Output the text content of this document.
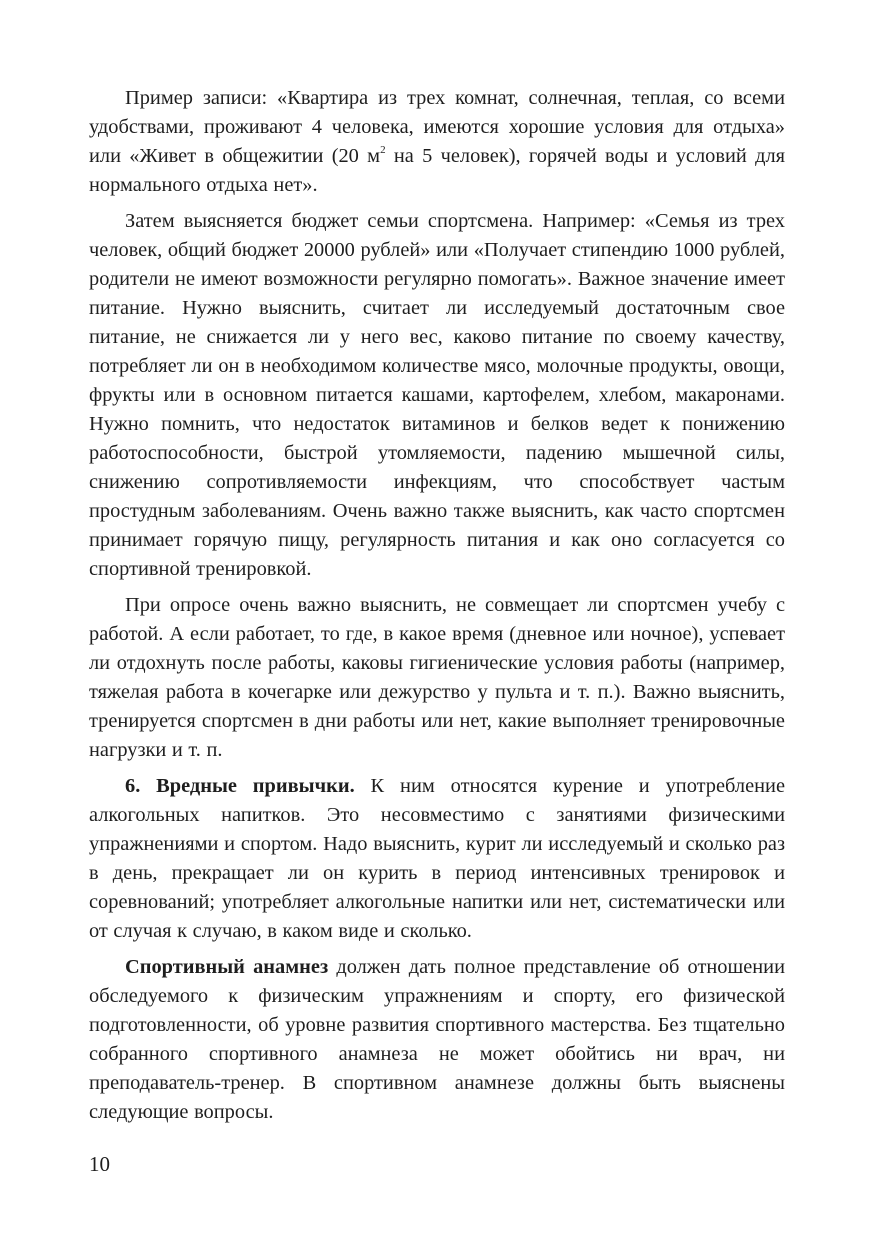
Пример записи: «Квартира из трех комнат, солнечная, теплая, со всеми удобствами, проживают 4 человека, имеются хорошие условия для отдыха» или «Живет в общежитии (20 $м^2$ на 5 человек), горячей воды и условий для нормального отдыха нет».

Затем выясняется бюджет семьи спортсмена. Например: «Семья из трех человек, общий бюджет 20000 рублей» или «Получает стипендию 1000 рублей, родители не имеют возможности регулярно помогать». Важное значение имеет питание. Нужно выяснить, считает ли исследуемый достаточным свое питание, не снижается ли у него вес, каково питание по своему качеству, потребляет ли он в необходимом количестве мясо, молочные продукты, овощи, фрукты или в основном питается кашами, картофелем, хлебом, макаронами. Нужно помнить, что недостаток витаминов и белков ведет к понижению работоспособности, быстрой утомляемости, падению мышечной силы, снижению сопротивляемости инфекциям, что способствует частым простудным заболеваниям. Очень важно также выяснить, как часто спортсмен принимает горячую пищу, регулярность питания и как оно согласуется со спортивной тренировкой.

При опросе очень важно выяснить, не совмещает ли спортсмен учебу с работой. А если работает, то где, в какое время (дневное или ночное), успевает ли отдохнуть после работы, каковы гигиенические условия работы (например, тяжелая работа в кочегарке или дежурство у пульта и т. п.). Важно выяснить, тренируется спортсмен в дни работы или нет, какие выполняет тренировочные нагрузки и т. п.

6. Вредные привычки. К ним относятся курение и употребление алкогольных напитков. Это несовместимо с занятиями физическими упражнениями и спортом. Надо выяснить, курит ли исследуемый и сколько раз в день, прекращает ли он курить в период интенсивных тренировок и соревнований; употребляет алкогольные напитки или нет, систематически или от случая к случаю, в каком виде и сколько.

Спортивный анамнез должен дать полное представление об отношении обследуемого к физическим упражнениям и спорту, его физической подготовленности, об уровне развития спортивного мастерства. Без тщательно собранного спортивного анамнеза не может обойтись ни врач, ни преподаватель-тренер. В спортивном анамнезе должны быть выяснены следующие вопросы.

10
